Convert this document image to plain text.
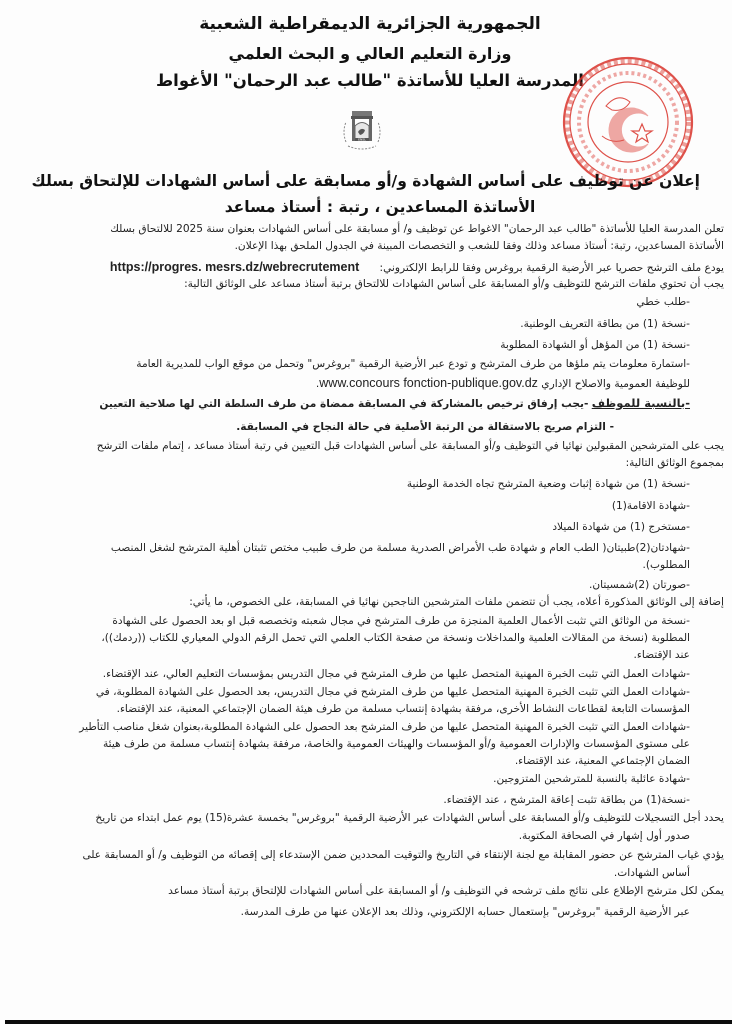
الجمهورية الجزائرية الديمقراطية الشعبية
وزارة التعليم العالي و البحث العلمي
المدرسة العليا للأساتذة "طالب عبد الرحمان" الأغواط
ENSL
إعلان عن توظيف على أساس الشهادة و/أو مسابقة على أساس الشهادات للإلتحاق بسلك
الأساتذة المساعدين ، رتبة : أستاذ مساعد
تعلن المدرسة العليا للأساتذة "طالب عبد الرحمان" الاغواط عن توظيف و/ أو مسابقة على أساس الشهادات بعنوان سنة 2025 للالتحاق بسلك
الأساتذة المساعدين، رتبة: أستاذ مساعد وذلك وفقا للشعب و التخصصات المبينة في الجدول الملحق بهذا الإعلان.
يودع ملف الترشح حصريا عبر الأرضية الرقمية بروغرس وفقا للرابط الإلكتروني:      https://progres. mesrs.dz/webrecrutement
يجب أن تحتوي ملفات الترشح للتوظيف و/أو المسابقة على أساس الشهادات للالتحاق برتبة أستاذ مساعد على الوثائق التالية:
-طلب خطي
-نسخة (1) من بطاقة التعريف الوطنية.
-نسخة (1) من المؤهل أو الشهادة المطلوبة
-استمارة معلومات يتم ملؤها من طرف المترشح و تودع عبر الأرضية الرقمية "بروغرس" وتحمل من موقع الواب للمديرية العامة
للوظيفة العمومية والاصلاح الإداري www.concours fonction-publique.gov.dz.
-بالنسبة للموظف -يجب إرفاق ترخيص بالمشاركة في المسابقة ممضاة من طرف السلطة التي لها صلاحية التعيين
- التزام صريح بالاستقالة من الرتبة الأصلية في حالة النجاح في المسابقة.
يجب على المترشحين المقبولين نهائيا في التوظيف و/أو المسابقة على أساس الشهادات قبل التعيين في رتبة أستاذ مساعد ، إتمام ملفات الترشح
بمجموع الوثائق التالية:
-نسخة (1) من شهادة إثبات وضعية المترشح تجاه الخدمة الوطنية
-شهادة الاقامة(1)
-مستخرج (1) من شهادة الميلاد
-شهادتان(2)طبيتان( الطب العام و شهادة طب الأمراض الصدرية مسلمة من طرف طبيب مختص تثبتان أهلية المترشح لشغل المنصب
المطلوب).
-صورتان (2)شمسيتان.
إضافة إلى الوثائق المذكورة أعلاه، يجب أن تتضمن ملفات المترشحين الناجحين نهائيا في المسابقة، على الخصوص، ما يأتي:
-نسخة من الوثائق التي تثبت الأعمال العلمية المنجزة من طرف المترشح في مجال شعبته وتخصصه قبل او بعد الحصول على الشهادة
المطلوبة (نسخة من المقالات العلمية والمداخلات ونسخة من صفحة الكتاب العلمي التي تحمل الرقم الدولي المعياري للكتاب ((ردمك))،
عند الإقتضاء.
-شهادات العمل التي تثبت الخبرة المهنية المتحصل عليها من طرف المترشح في مجال التدريس بمؤسسات التعليم العالي، عند الإقتضاء.
-شهادات العمل التي تثبت الخبرة المهنية المتحصل عليها من طرف المترشح في مجال التدريس، بعد الحصول على الشهادة المطلوبة، في
المؤسسات التابعة لقطاعات النشاط الأخرى، مرفقة بشهادة إنتساب مسلمة من طرف هيئة الضمان الإجتماعي المعنية، عند الإقتضاء.
-شهادات العمل التي تثبت الخبرة المهنية المتحصل عليها من طرف المترشح بعد الحصول على الشهادة المطلوبة،بعنوان شغل مناصب التأطير
على مستوى المؤسسات والإدارات العمومية و/أو المؤسسات والهيئات العمومية والخاصة، مرفقة بشهادة إنتساب مسلمة من طرف هيئة
الضمان الإجتماعي المعنية، عند الإقتضاء.
-شهادة عائلية بالنسبة للمترشحين المتزوجين.
-نسخة(1) من بطاقة تثبت إعاقة المترشح ، عند الإقتضاء.
يحدد أجل التسجيلات للتوظيف و/أو المسابقة على أساس الشهادات عبر الأرضية الرقمية "بروغرس" بخمسة عشرة(15) يوم عمل ابتداء من تاريخ
صدور أول إشهار في الصحافة المكتوبة.
يؤدي غياب المترشح عن حضور المقابلة مع لجنة الإنتقاء في التاريخ والتوقيت المحددين ضمن الإستدعاء إلى إقصائه من التوظيف و/ أو المسابقة على
أساس الشهادات.
يمكن لكل مترشح الإطلاع على نتائج ملف ترشحه في التوظيف و/ أو المسابقة على أساس الشهادات للإلتحاق برتبة أستاذ مساعد
عبر الأرضية الرقمية "بروغرس" بإستعمال حسابه الإلكتروني، وذلك بعد الإعلان عنها من طرف المدرسة.
